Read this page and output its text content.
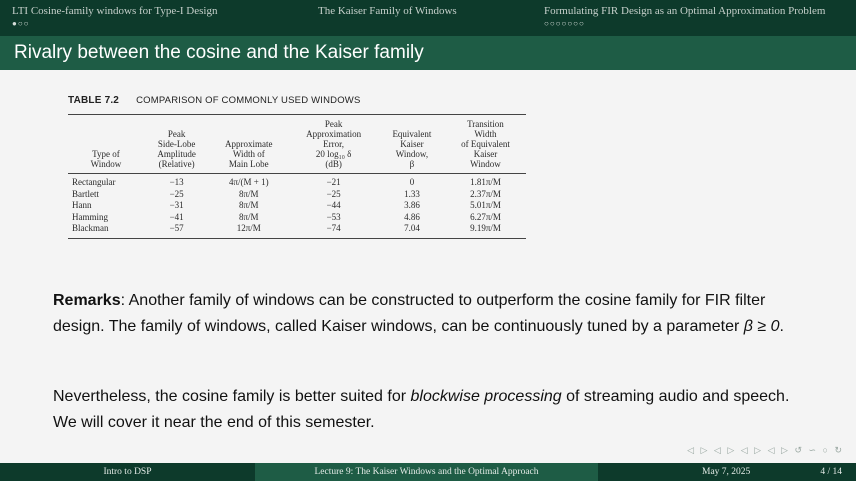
LTI Cosine-family windows for Type-I Design
●○○
The Kaiser Family of Windows	Formulating FIR Design as an Optimal Approximation Problem
○○○○○○○
Rivalry between the cosine and the Kaiser family
TABLE 7.2 COMPARISON OF COMMONLY USED WINDOWS
Type of
Window	Peak
Side-Lobe
Amplitude
(Relative)	Approximate
Width of
Main Lobe	Peak
Approximation
Error,
20 log₁₀ δ
(dB)	Equivalent
Kaiser
Window,
β	Transition
Width
of Equivalent
Kaiser
Window
Rectangular	−13	4π/(M + 1)	−21	0	1.81π/M
Bartlett	−25	8π/M	−25	1.33	2.37π/M
Hann	−31	8π/M	−44	3.86	5.01π/M
Hamming	−41	8π/M	−53	4.86	6.27π/M
Blackman	−57	12π/M	−74	7.04	9.19π/M
Remarks: Another family of windows can be constructed to outperform the cosine family for FIR filter design. The family of windows, called Kaiser windows, can be continuously tuned by a parameter β ≥ 0.
Nevertheless, the cosine family is better suited for blockwise processing of streaming audio and speech. We will cover it near the end of this semester.
◁ ▷ ◁ ▷ ◁ ▷ ◁ ▷ ↺ ∽ ○ ↻
Intro to DSP	Lecture 9: The Kaiser Windows and the Optimal Approach	May 7, 2025	4 / 14
